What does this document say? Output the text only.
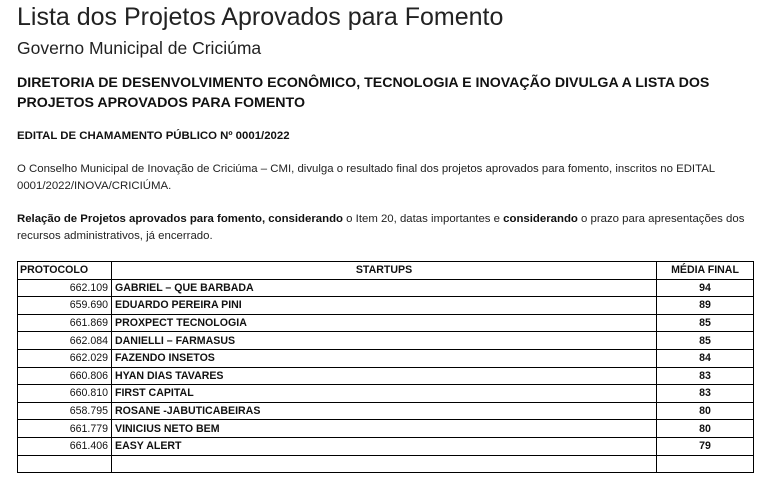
Lista dos Projetos Aprovados para Fomento
Governo Municipal de Criciúma
DIRETORIA DE DESENVOLVIMENTO ECONÔMICO, TECNOLOGIA E INOVAÇÃO DIVULGA A LISTA DOS PROJETOS APROVADOS PARA FOMENTO
EDITAL DE CHAMAMENTO PÚBLICO Nº 0001/2022
O Conselho Municipal de Inovação de Criciúma – CMI, divulga o resultado final dos projetos aprovados para fomento, inscritos no EDITAL 0001/2022/INOVA/CRICIÚMA.
Relação de Projetos aprovados para fomento, considerando o Item 20, datas importantes e considerando o prazo para apresentações dos recursos administrativos, já encerrado.
PROTOCOLO	STARTUPS	MÉDIA FINAL
662.109	GABRIEL – QUE BARBADA	94
659.690	EDUARDO PEREIRA PINI	89
661.869	PROXPECT TECNOLOGIA	85
662.084	DANIELLI – FARMASUS	85
662.029	FAZENDO INSETOS	84
660.806	HYAN DIAS TAVARES	83
660.810	FIRST CAPITAL	83
658.795	ROSANE -JABUTICABEIRAS	80
661.779	VINICIUS NETO BEM	80
661.406	EASY ALERT	79
